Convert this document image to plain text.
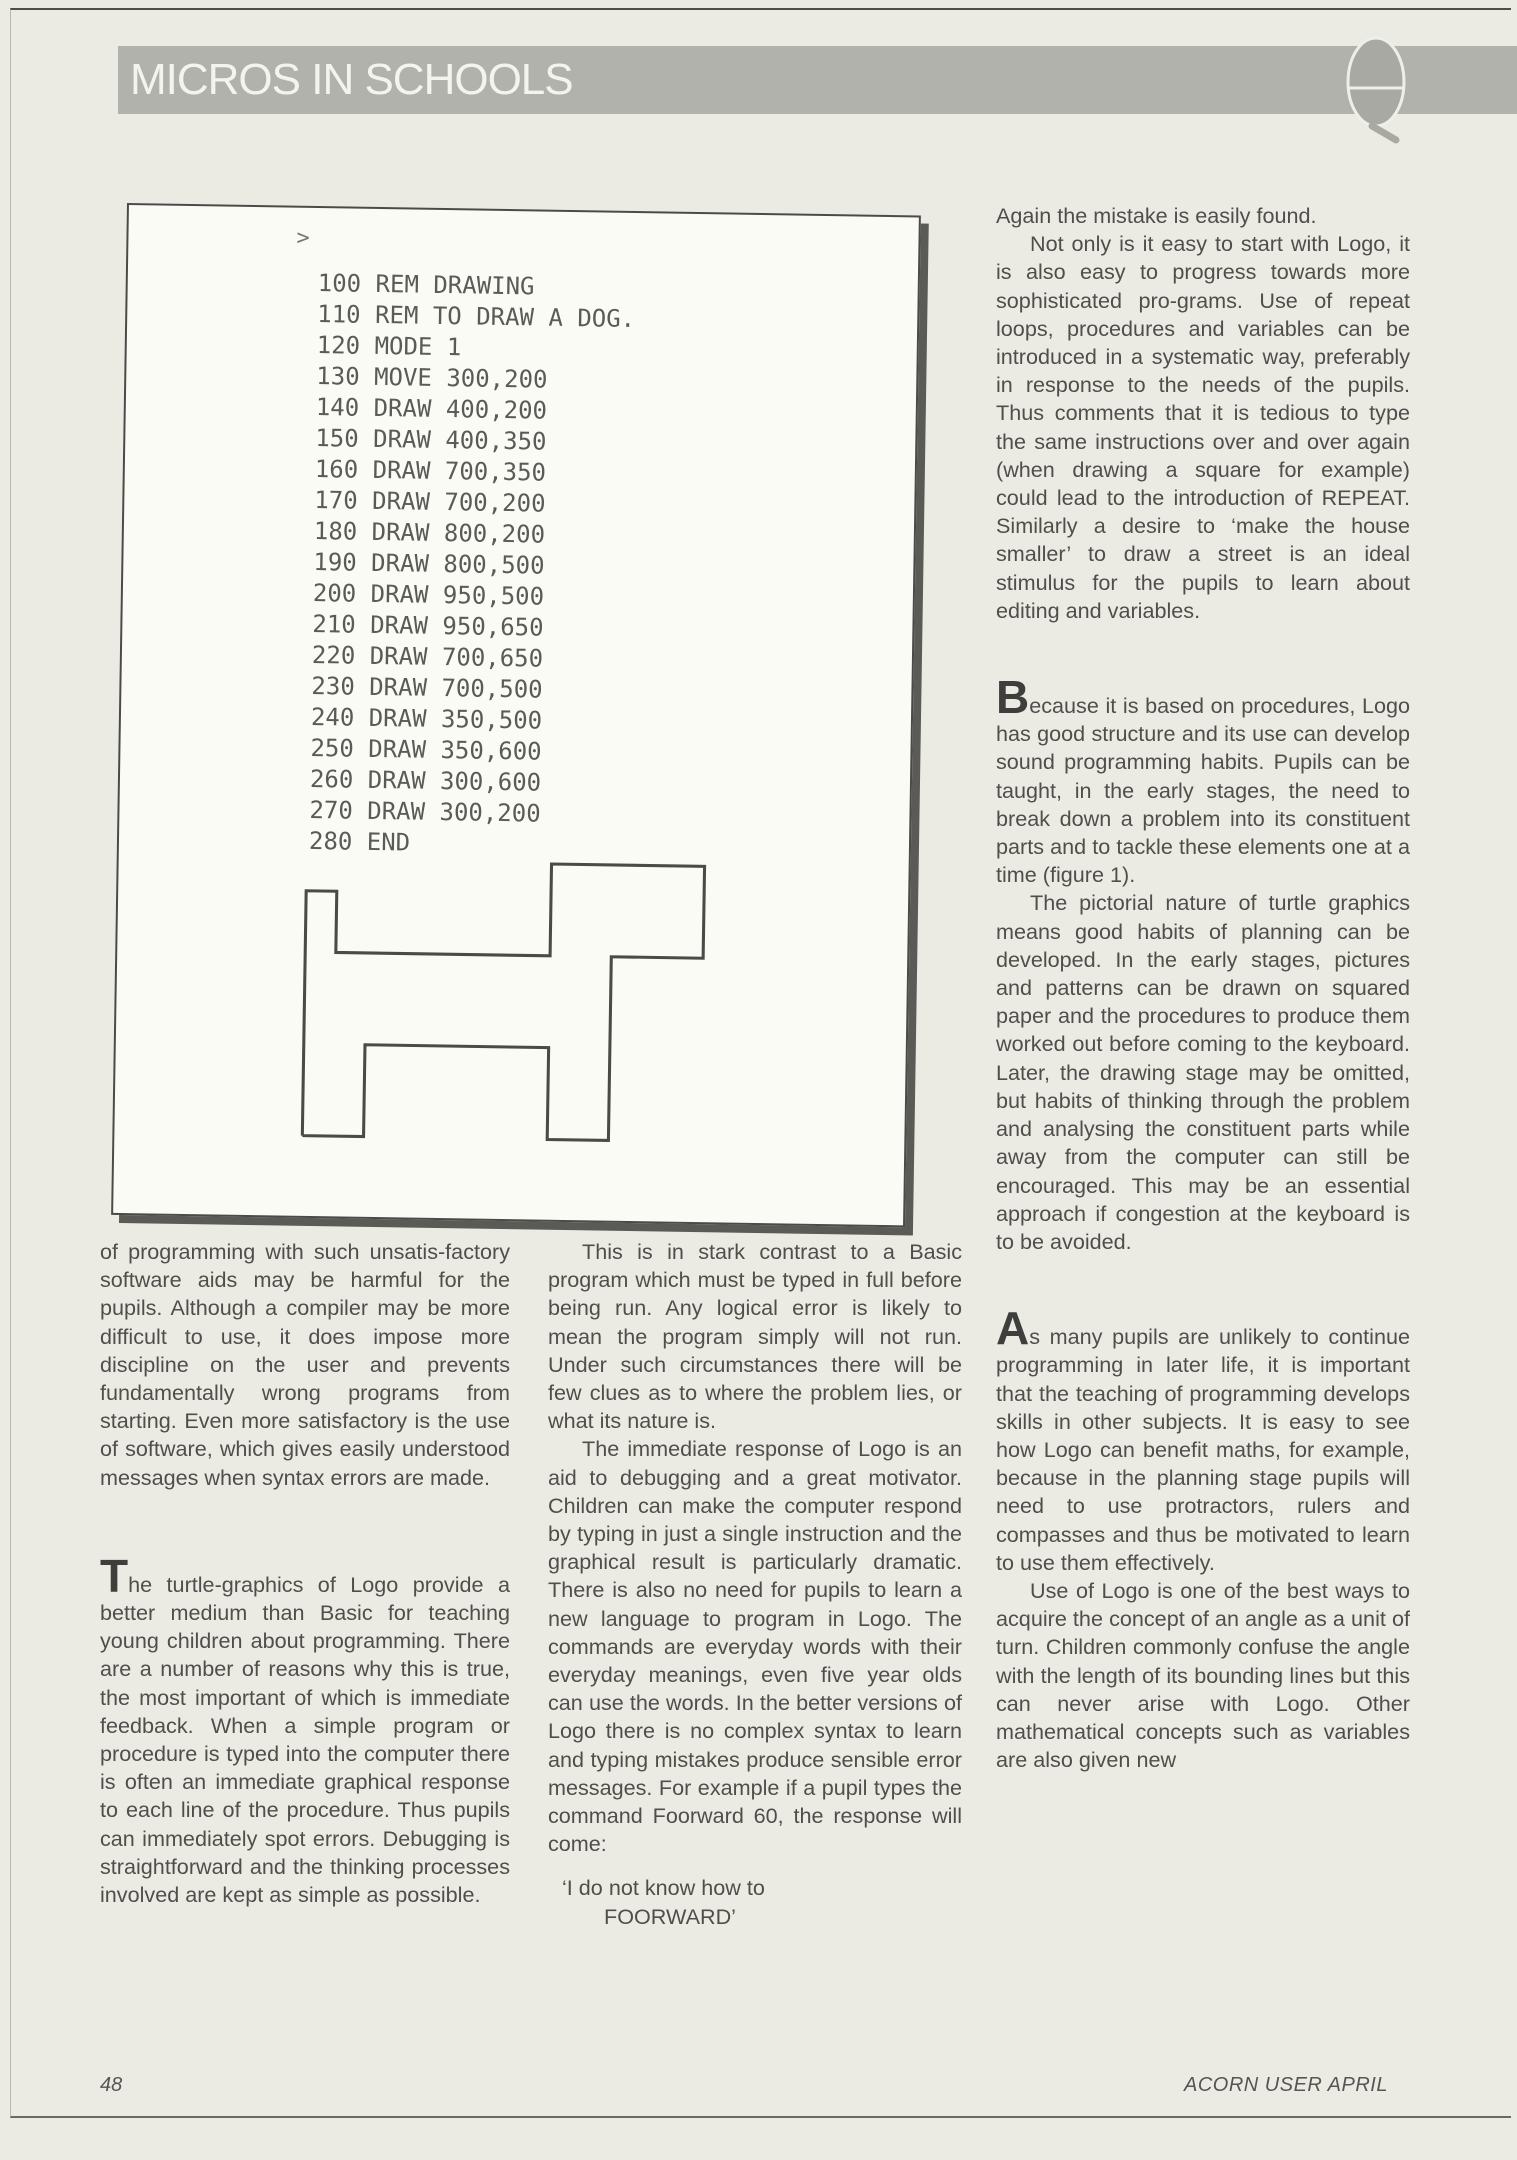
MICROS IN SCHOOLS
>
100 REM DRAWING
110 REM TO DRAW A DOG.
120 MODE 1
130 MOVE 300,200
140 DRAW 400,200
150 DRAW 400,350
160 DRAW 700,350
170 DRAW 700,200
180 DRAW 800,200
190 DRAW 800,500
200 DRAW 950,500
210 DRAW 950,650
220 DRAW 700,650
230 DRAW 700,500
240 DRAW 350,500
250 DRAW 350,600
260 DRAW 300,600
270 DRAW 300,200
280 END

of programming with such unsatis-factory software aids may be harmful for the pupils. Although a compiler may be more difficult to use, it does impose more discipline on the user and prevents fundamentally wrong programs from starting. Even more satisfactory is the use of software, which gives easily understood messages when syntax errors are made.

The turtle-graphics of Logo provide a better medium than Basic for teaching young children about programming. There are a number of reasons why this is true, the most important of which is immediate feedback. When a simple program or procedure is typed into the computer there is often an immediate graphical response to each line of the procedure. Thus pupils can immediately spot errors. Debugging is straightforward and the thinking processes involved are kept as simple as possible.

This is in stark contrast to a Basic program which must be typed in full before being run. Any logical error is likely to mean the program simply will not run. Under such circumstances there will be few clues as to where the problem lies, or what its nature is.

The immediate response of Logo is an aid to debugging and a great motivator. Children can make the computer respond by typing in just a single instruction and the graphical result is particularly dramatic. There is also no need for pupils to learn a new language to program in Logo. The commands are everyday words with their everyday meanings, even five year olds can use the words. In the better versions of Logo there is no complex syntax to learn and typing mistakes produce sensible error messages. For example if a pupil types the command Foorward 60, the response will come:

‘I do not know how to
FOORWARD’

Again the mistake is easily found.

Not only is it easy to start with Logo, it is also easy to progress towards more sophisticated pro-grams. Use of repeat loops, procedures and variables can be introduced in a systematic way, preferably in response to the needs of the pupils. Thus comments that it is tedious to type the same instructions over and over again (when drawing a square for example) could lead to the introduction of REPEAT. Similarly a desire to ‘make the house smaller’ to draw a street is an ideal stimulus for the pupils to learn about editing and variables.

Because it is based on procedures, Logo has good structure and its use can develop sound programming habits. Pupils can be taught, in the early stages, the need to break down a problem into its constituent parts and to tackle these elements one at a time (figure 1).

The pictorial nature of turtle graphics means good habits of planning can be developed. In the early stages, pictures and patterns can be drawn on squared paper and the procedures to produce them worked out before coming to the keyboard. Later, the drawing stage may be omitted, but habits of thinking through the problem and analysing the constituent parts while away from the computer can still be encouraged. This may be an essential approach if congestion at the keyboard is to be avoided.

As many pupils are unlikely to continue programming in later life, it is important that the teaching of programming develops skills in other subjects. It is easy to see how Logo can benefit maths, for example, because in the planning stage pupils will need to use protractors, rulers and compasses and thus be motivated to learn to use them effectively.

Use of Logo is one of the best ways to acquire the concept of an angle as a unit of turn. Children commonly confuse the angle with the length of its bounding lines but this can never arise with Logo. Other mathematical concepts such as variables are also given new

48	ACORN USER APRIL
